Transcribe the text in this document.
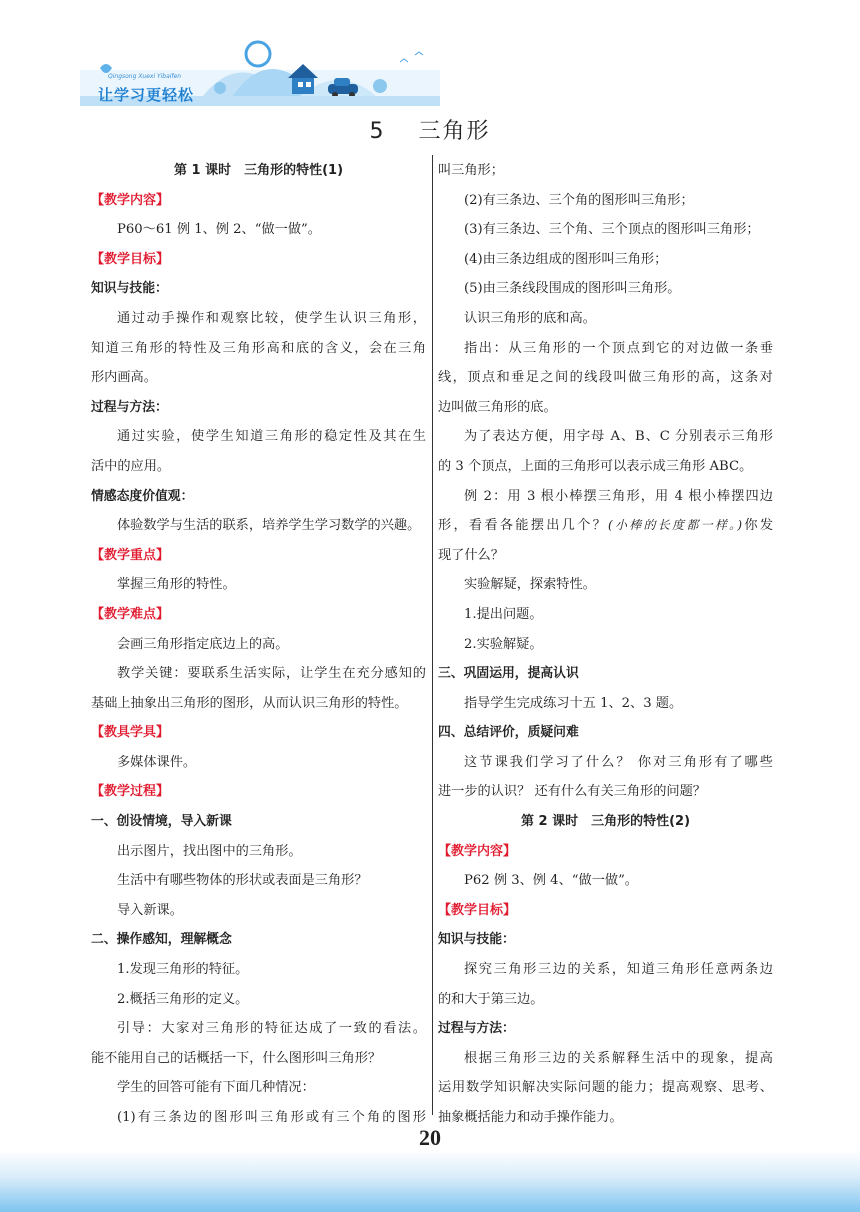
Qingsong Xuexi Yibaifen
让学习更轻松
5 三角形
第 1 课时　三角形的特性(1)
【教学内容】
P60～61 例 1、例 2、“做一做”。
【教学目标】
知识与技能：
通过动手操作和观察比较，使学生认识三角形，
知道三角形的特性及三角形高和底的含义，会在三角
形内画高。
过程与方法：
通过实验，使学生知道三角形的稳定性及其在生
活中的应用。
情感态度价值观：
体验数学与生活的联系，培养学生学习数学的兴趣。
【教学重点】
掌握三角形的特性。
【教学难点】
会画三角形指定底边上的高。
教学关键：要联系生活实际，让学生在充分感知的
基础上抽象出三角形的图形，从而认识三角形的特性。
【教具学具】
多媒体课件。
【教学过程】
一、创设情境，导入新课
出示图片，找出图中的三角形。
生活中有哪些物体的形状或表面是三角形？
导入新课。
二、操作感知，理解概念
1.发现三角形的特征。
2.概括三角形的定义。
引导：大家对三角形的特征达成了一致的看法。
能不能用自己的话概括一下，什么图形叫三角形？
学生的回答可能有下面几种情况：
(1)有三条边的图形叫三角形或有三个角的图形
叫三角形；
(2)有三条边、三个角的图形叫三角形；
(3)有三条边、三个角、三个顶点的图形叫三角形；
(4)由三条边组成的图形叫三角形；
(5)由三条线段围成的图形叫三角形。
认识三角形的底和高。
指出：从三角形的一个顶点到它的对边做一条垂
线，顶点和垂足之间的线段叫做三角形的高，这条对
边叫做三角形的底。
为了表达方便，用字母 A、B、C 分别表示三角形
的 3 个顶点，上面的三角形可以表示成三角形 ABC。
例 2：用 3 根小棒摆三角形，用 4 根小棒摆四边
形，看看各能摆出几个？(小棒的长度都一样。)你发
现了什么？
实验解疑，探索特性。
1.提出问题。
2.实验解疑。
三、巩固运用，提高认识
指导学生完成练习十五 1、2、3 题。
四、总结评价，质疑问难
这节课我们学习了什么？ 你对三角形有了哪些
进一步的认识？ 还有什么有关三角形的问题？
第 2 课时　三角形的特性(2)
【教学内容】
P62 例 3、例 4、“做一做”。
【教学目标】
知识与技能：
探究三角形三边的关系，知道三角形任意两条边
的和大于第三边。
过程与方法：
根据三角形三边的关系解释生活中的现象，提高
运用数学知识解决实际问题的能力；提高观察、思考、
抽象概括能力和动手操作能力。
20
